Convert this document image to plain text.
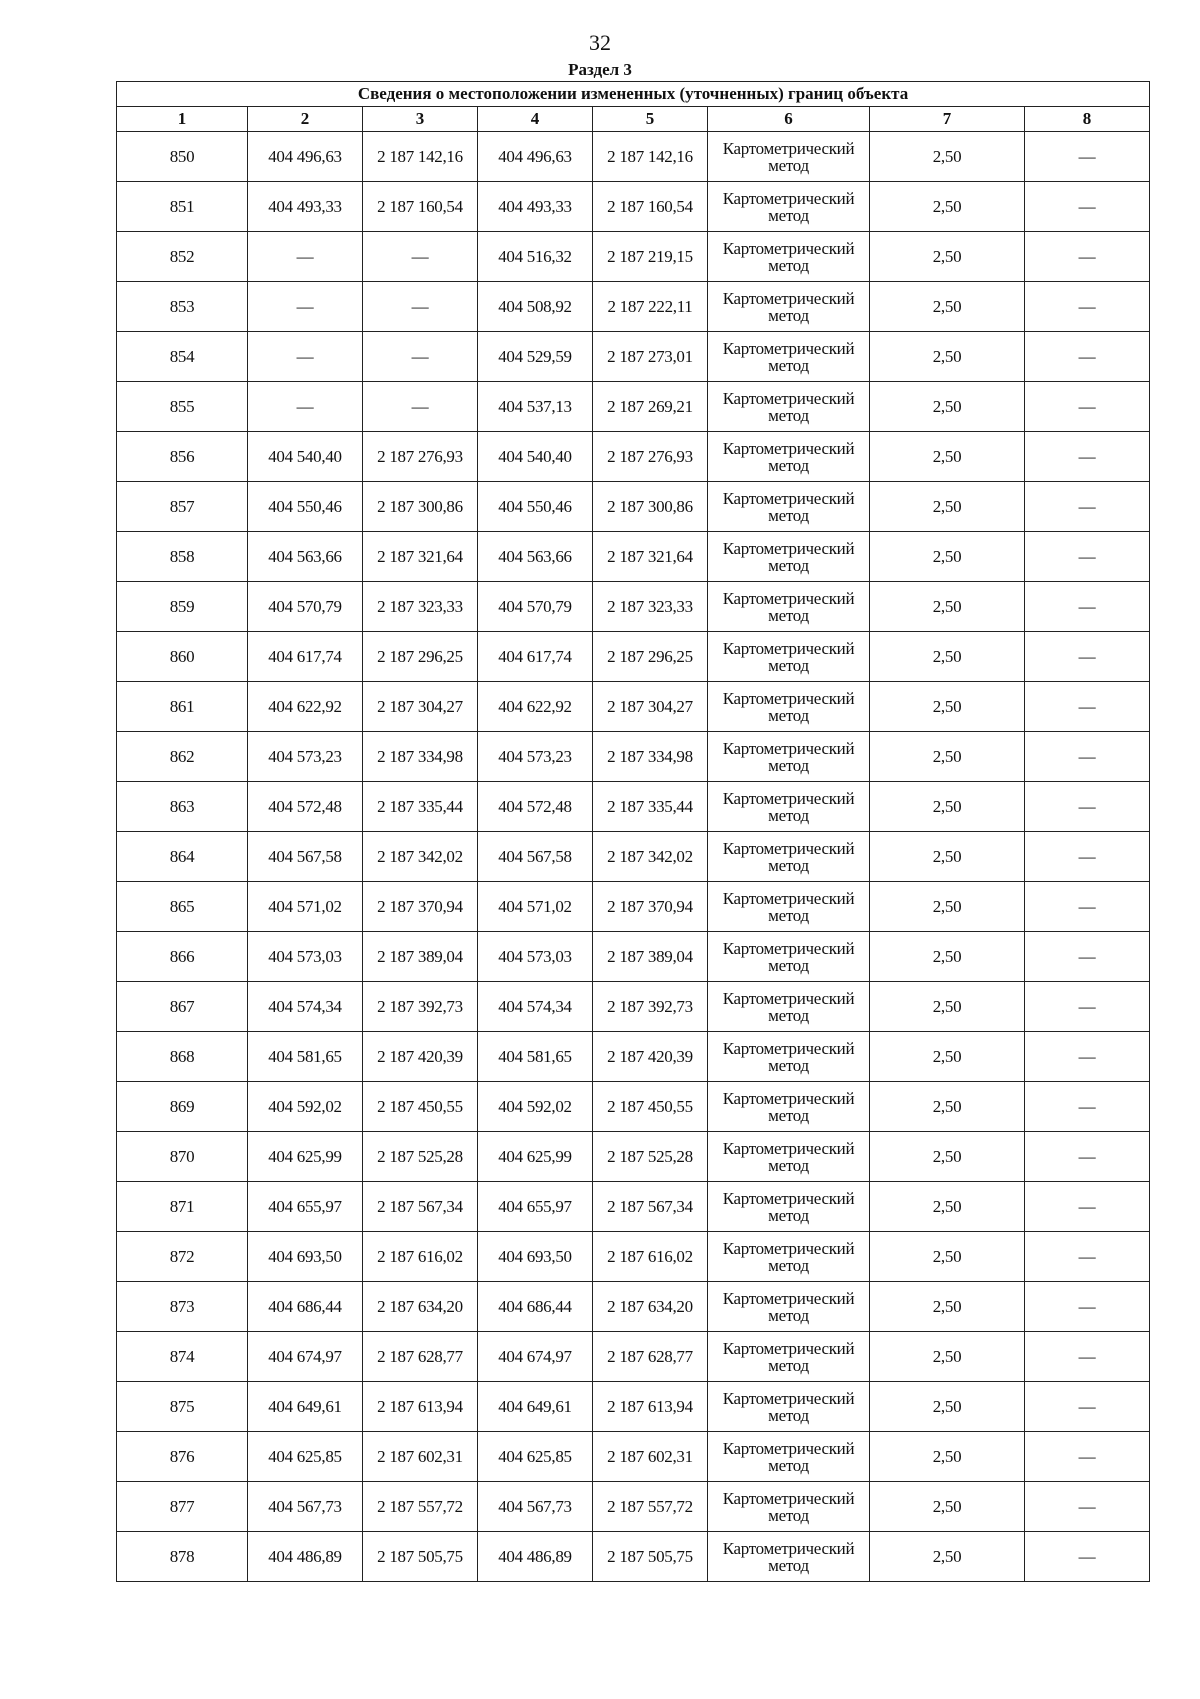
32
Раздел 3
Сведения о местоположении измененных (уточненных) границ объекта							
1	2	3	4	5	6	7	8
850	404 496,63	2 187 142,16	404 496,63	2 187 142,16	Картометрический метод	2,50	—
851	404 493,33	2 187 160,54	404 493,33	2 187 160,54	Картометрический метод	2,50	—
852	—	—	404 516,32	2 187 219,15	Картометрический метод	2,50	—
853	—	—	404 508,92	2 187 222,11	Картометрический метод	2,50	—
854	—	—	404 529,59	2 187 273,01	Картометрический метод	2,50	—
855	—	—	404 537,13	2 187 269,21	Картометрический метод	2,50	—
856	404 540,40	2 187 276,93	404 540,40	2 187 276,93	Картометрический метод	2,50	—
857	404 550,46	2 187 300,86	404 550,46	2 187 300,86	Картометрический метод	2,50	—
858	404 563,66	2 187 321,64	404 563,66	2 187 321,64	Картометрический метод	2,50	—
859	404 570,79	2 187 323,33	404 570,79	2 187 323,33	Картометрический метод	2,50	—
860	404 617,74	2 187 296,25	404 617,74	2 187 296,25	Картометрический метод	2,50	—
861	404 622,92	2 187 304,27	404 622,92	2 187 304,27	Картометрический метод	2,50	—
862	404 573,23	2 187 334,98	404 573,23	2 187 334,98	Картометрический метод	2,50	—
863	404 572,48	2 187 335,44	404 572,48	2 187 335,44	Картометрический метод	2,50	—
864	404 567,58	2 187 342,02	404 567,58	2 187 342,02	Картометрический метод	2,50	—
865	404 571,02	2 187 370,94	404 571,02	2 187 370,94	Картометрический метод	2,50	—
866	404 573,03	2 187 389,04	404 573,03	2 187 389,04	Картометрический метод	2,50	—
867	404 574,34	2 187 392,73	404 574,34	2 187 392,73	Картометрический метод	2,50	—
868	404 581,65	2 187 420,39	404 581,65	2 187 420,39	Картометрический метод	2,50	—
869	404 592,02	2 187 450,55	404 592,02	2 187 450,55	Картометрический метод	2,50	—
870	404 625,99	2 187 525,28	404 625,99	2 187 525,28	Картометрический метод	2,50	—
871	404 655,97	2 187 567,34	404 655,97	2 187 567,34	Картометрический метод	2,50	—
872	404 693,50	2 187 616,02	404 693,50	2 187 616,02	Картометрический метод	2,50	—
873	404 686,44	2 187 634,20	404 686,44	2 187 634,20	Картометрический метод	2,50	—
874	404 674,97	2 187 628,77	404 674,97	2 187 628,77	Картометрический метод	2,50	—
875	404 649,61	2 187 613,94	404 649,61	2 187 613,94	Картометрический метод	2,50	—
876	404 625,85	2 187 602,31	404 625,85	2 187 602,31	Картометрический метод	2,50	—
877	404 567,73	2 187 557,72	404 567,73	2 187 557,72	Картометрический метод	2,50	—
878	404 486,89	2 187 505,75	404 486,89	2 187 505,75	Картометрический метод	2,50	—
